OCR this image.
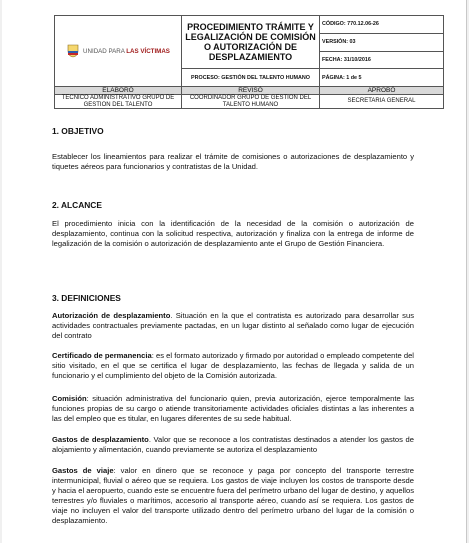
UNIDAD PARA LAS VÍCTIMAS	PROCEDIMIENTO TRÁMITE Y LEGALIZACIÓN DE COMISIÓN O AUTORIZACIÓN DE DESPLAZAMIENTO	CÓDIGO: 770.12.06-26
		VERSIÓN: 03
		FECHA: 31/10/2016
	PROCESO: GESTIÓN DEL TALENTO HUMANO	PÁGINA: 1 de 5
ELABORÓ	REVISÓ	APROBÓ
TECNICO ADMINISTRATIVO GRUPO DE GESTION DEL TALENTO	COORDINADOR GRUPO DE GESTION DEL TALENTO HUMANO	SECRETARIA GENERAL
1. OBJETIVO
Establecer los lineamientos para realizar el trámite de comisiones o autorizaciones de desplazamiento y tiquetes aéreos para funcionarios y contratistas de la Unidad.
2. ALCANCE
El procedimiento inicia con la identificación de la necesidad de la comisión o autorización de desplazamiento, continua con la solicitud respectiva, autorización y finaliza con la entrega de informe de legalización de la comisión o autorización de desplazamiento ante el Grupo de Gestión Financiera.
3. DEFINICIONES
Autorización de desplazamiento. Situación en la que el contratista es autorizado para desarrollar sus actividades contractuales previamente pactadas, en un lugar distinto al señalado como lugar de ejecución del contrato
Certificado de permanencia: es el formato autorizado y firmado por autoridad o empleado competente del sitio visitado, en el que se certifica el lugar de desplazamiento, las fechas de llegada y salida de un funcionario y el cumplimiento del objeto de la Comisión autorizada.
Comisión: situación administrativa del funcionario quien, previa autorización, ejerce temporalmente las funciones propias de su cargo o atiende transitoriamente actividades oficiales distintas a las inherentes a las del empleo que es titular, en lugares diferentes de su sede habitual.
Gastos de desplazamiento. Valor que se reconoce a los contratistas destinados a atender los gastos de alojamiento y alimentación, cuando previamente se autoriza el desplazamiento
Gastos de viaje: valor en dinero que se reconoce y paga por concepto del transporte terrestre intermunicipal, fluvial o aéreo que se requiera. Los gastos de viaje incluyen los costos de transporte desde y hacia el aeropuerto, cuando este se encuentre fuera del perímetro urbano del lugar de destino, y aquellos terrestres y/o fluviales o marítimos, accesorio al transporte aéreo, cuando así se requiera. Los gastos de viaje no incluyen el valor del transporte utilizado dentro del perímetro urbano del lugar de la comisión o desplazamiento.
